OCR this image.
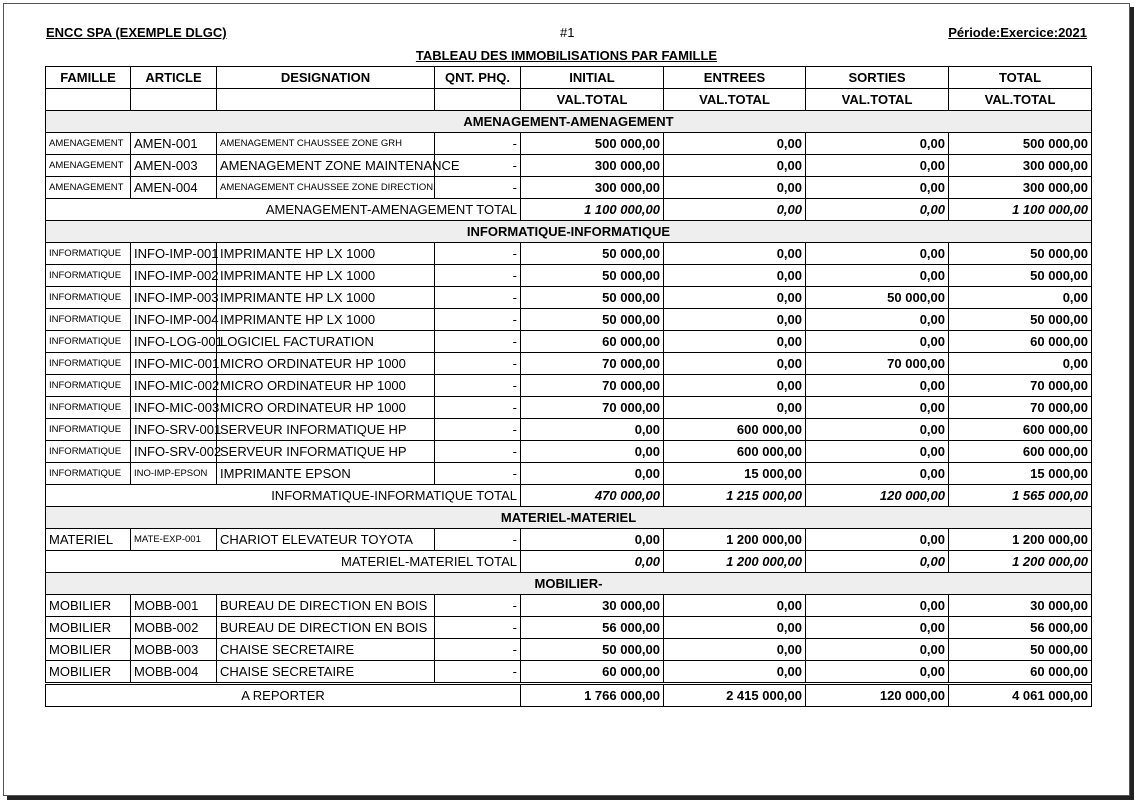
ENCC SPA (EXEMPLE DLGC)	#1	Période:Exercice:2021
TABLEAU DES IMMOBILISATIONS PAR FAMILLE
FAMILLE	ARTICLE	DESIGNATION	QNT. PHQ.	INITIAL	ENTREES	SORTIES	TOTAL
				VAL.TOTAL	VAL.TOTAL	VAL.TOTAL	VAL.TOTAL
AMENAGEMENT-AMENAGEMENT							
AMENAGEMENT	AMEN-001	AMENAGEMENT CHAUSSEE ZONE GRH	-	500 000,00	0,00	0,00	500 000,00
AMENAGEMENT	AMEN-003	AMENAGEMENT ZONE MAINTENANCE	-	300 000,00	0,00	0,00	300 000,00
AMENAGEMENT	AMEN-004	AMENAGEMENT CHAUSSEE ZONE DIRECTION	-	300 000,00	0,00	0,00	300 000,00
AMENAGEMENT-AMENAGEMENT TOTAL				1 100 000,00	0,00	0,00	1 100 000,00
INFORMATIQUE-INFORMATIQUE							
INFORMATIQUE	INFO-IMP-001	IMPRIMANTE HP LX 1000	-	50 000,00	0,00	0,00	50 000,00
INFORMATIQUE	INFO-IMP-002	IMPRIMANTE HP LX 1000	-	50 000,00	0,00	0,00	50 000,00
INFORMATIQUE	INFO-IMP-003	IMPRIMANTE HP LX 1000	-	50 000,00	0,00	50 000,00	0,00
INFORMATIQUE	INFO-IMP-004	IMPRIMANTE HP LX 1000	-	50 000,00	0,00	0,00	50 000,00
INFORMATIQUE	INFO-LOG-001	LOGICIEL FACTURATION	-	60 000,00	0,00	0,00	60 000,00
INFORMATIQUE	INFO-MIC-001	MICRO ORDINATEUR HP 1000	-	70 000,00	0,00	70 000,00	0,00
INFORMATIQUE	INFO-MIC-002	MICRO ORDINATEUR HP 1000	-	70 000,00	0,00	0,00	70 000,00
INFORMATIQUE	INFO-MIC-003	MICRO ORDINATEUR HP 1000	-	70 000,00	0,00	0,00	70 000,00
INFORMATIQUE	INFO-SRV-001	SERVEUR INFORMATIQUE HP	-	0,00	600 000,00	0,00	600 000,00
INFORMATIQUE	INFO-SRV-002	SERVEUR INFORMATIQUE HP	-	0,00	600 000,00	0,00	600 000,00
INFORMATIQUE	INO-IMP-EPSON	IMPRIMANTE EPSON	-	0,00	15 000,00	0,00	15 000,00
INFORMATIQUE-INFORMATIQUE TOTAL				470 000,00	1 215 000,00	120 000,00	1 565 000,00
MATERIEL-MATERIEL							
MATERIEL	MATE-EXP-001	CHARIOT ELEVATEUR TOYOTA	-	0,00	1 200 000,00	0,00	1 200 000,00
MATERIEL-MATERIEL TOTAL				0,00	1 200 000,00	0,00	1 200 000,00
MOBILIER-							
MOBILIER	MOBB-001	BUREAU DE DIRECTION EN BOIS	-	30 000,00	0,00	0,00	30 000,00
MOBILIER	MOBB-002	BUREAU DE DIRECTION EN BOIS	-	56 000,00	0,00	0,00	56 000,00
MOBILIER	MOBB-003	CHAISE SECRETAIRE	-	50 000,00	0,00	0,00	50 000,00
MOBILIER	MOBB-004	CHAISE SECRETAIRE	-	60 000,00	0,00	0,00	60 000,00

A REPORTER				1 766 000,00	2 415 000,00	120 000,00	4 061 000,00
